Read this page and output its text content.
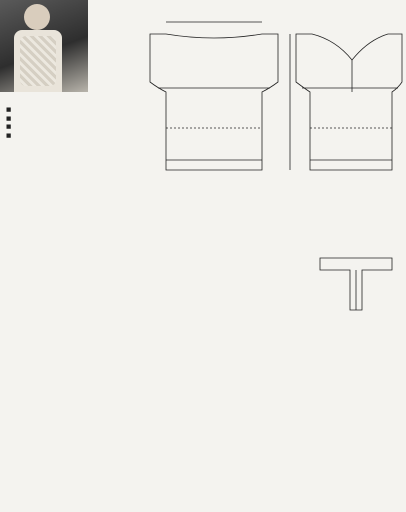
■
■
■
■
